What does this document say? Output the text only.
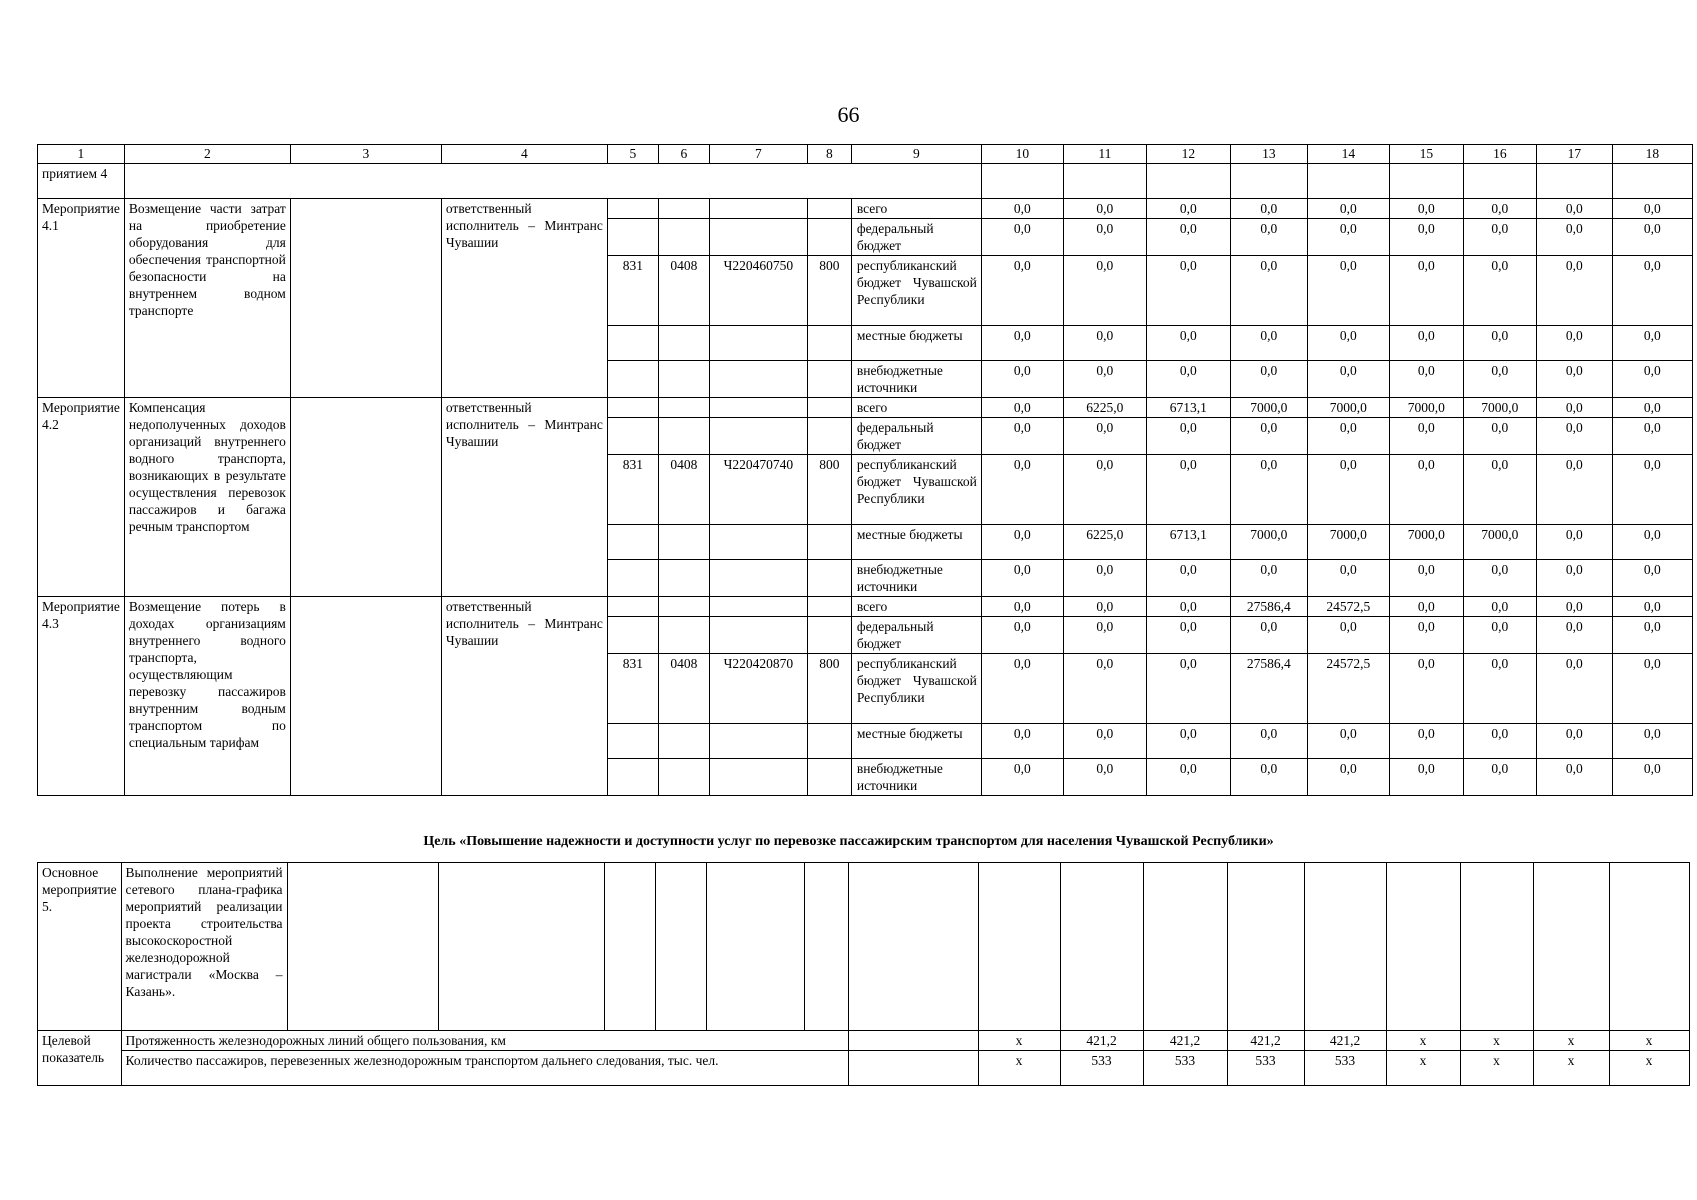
66
1	2	3	4	5	6	7	8	9	10	11	12	13	14	15	16	17	18
приятием 4																	
Мероприятие 4.1	Возмещение части затрат на приобретение оборудования для обеспечения транспортной безопасности на внутреннем водном транспорте		ответственный исполнитель – Минтранс Чувашии					всего	0,0	0,0	0,0	0,0	0,0	0,0	0,0	0,0	0,0
								федеральный бюджет	0,0	0,0	0,0	0,0	0,0	0,0	0,0	0,0	0,0
				831	0408	Ч220460750	800	республиканский бюджет Чувашской Республики	0,0	0,0	0,0	0,0	0,0	0,0	0,0	0,0	0,0
								местные бюджеты	0,0	0,0	0,0	0,0	0,0	0,0	0,0	0,0	0,0
								внебюджетные источники	0,0	0,0	0,0	0,0	0,0	0,0	0,0	0,0	0,0
Мероприятие 4.2	Компенсация недополученных доходов организаций внутреннего водного транспорта, возникающих в результате осуществления перевозок пассажиров и багажа речным транспортом		ответственный исполнитель – Минтранс Чувашии					всего	0,0	6225,0	6713,1	7000,0	7000,0	7000,0	7000,0	0,0	0,0
								федеральный бюджет	0,0	0,0	0,0	0,0	0,0	0,0	0,0	0,0	0,0
				831	0408	Ч220470740	800	республиканский бюджет Чувашской Республики	0,0	0,0	0,0	0,0	0,0	0,0	0,0	0,0	0,0
								местные бюджеты	0,0	6225,0	6713,1	7000,0	7000,0	7000,0	7000,0	0,0	0,0
								внебюджетные источники	0,0	0,0	0,0	0,0	0,0	0,0	0,0	0,0	0,0
Мероприятие 4.3	Возмещение потерь в доходах организациям внутреннего водного транспорта, осуществляющим перевозку пассажиров внутренним водным транспортом по специальным тарифам		ответственный исполнитель – Минтранс Чувашии					всего	0,0	0,0	0,0	27586,4	24572,5	0,0	0,0	0,0	0,0
								федеральный бюджет	0,0	0,0	0,0	0,0	0,0	0,0	0,0	0,0	0,0
				831	0408	Ч220420870	800	республиканский бюджет Чувашской Республики	0,0	0,0	0,0	27586,4	24572,5	0,0	0,0	0,0	0,0
								местные бюджеты	0,0	0,0	0,0	0,0	0,0	0,0	0,0	0,0	0,0
								внебюджетные источники	0,0	0,0	0,0	0,0	0,0	0,0	0,0	0,0	0,0
Цель «Повышение надежности и доступности услуг по перевозке пассажирским транспортом для населения Чувашской Республики»
Основное мероприятие 5.	Выполнение мероприятий сетевого плана-графика мероприятий реализации проекта строительства высокоскоростной железнодорожной магистрали «Москва – Казань».																
Целевой показатель	Протяженность железнодорожных линий общего пользования, км								x	421,2	421,2	421,2	421,2	x	x	x	x
	Количество пассажиров, перевезенных железнодорожным транспортом дальнего следования, тыс. чел.								x	533	533	533	533	x	x	x	x
